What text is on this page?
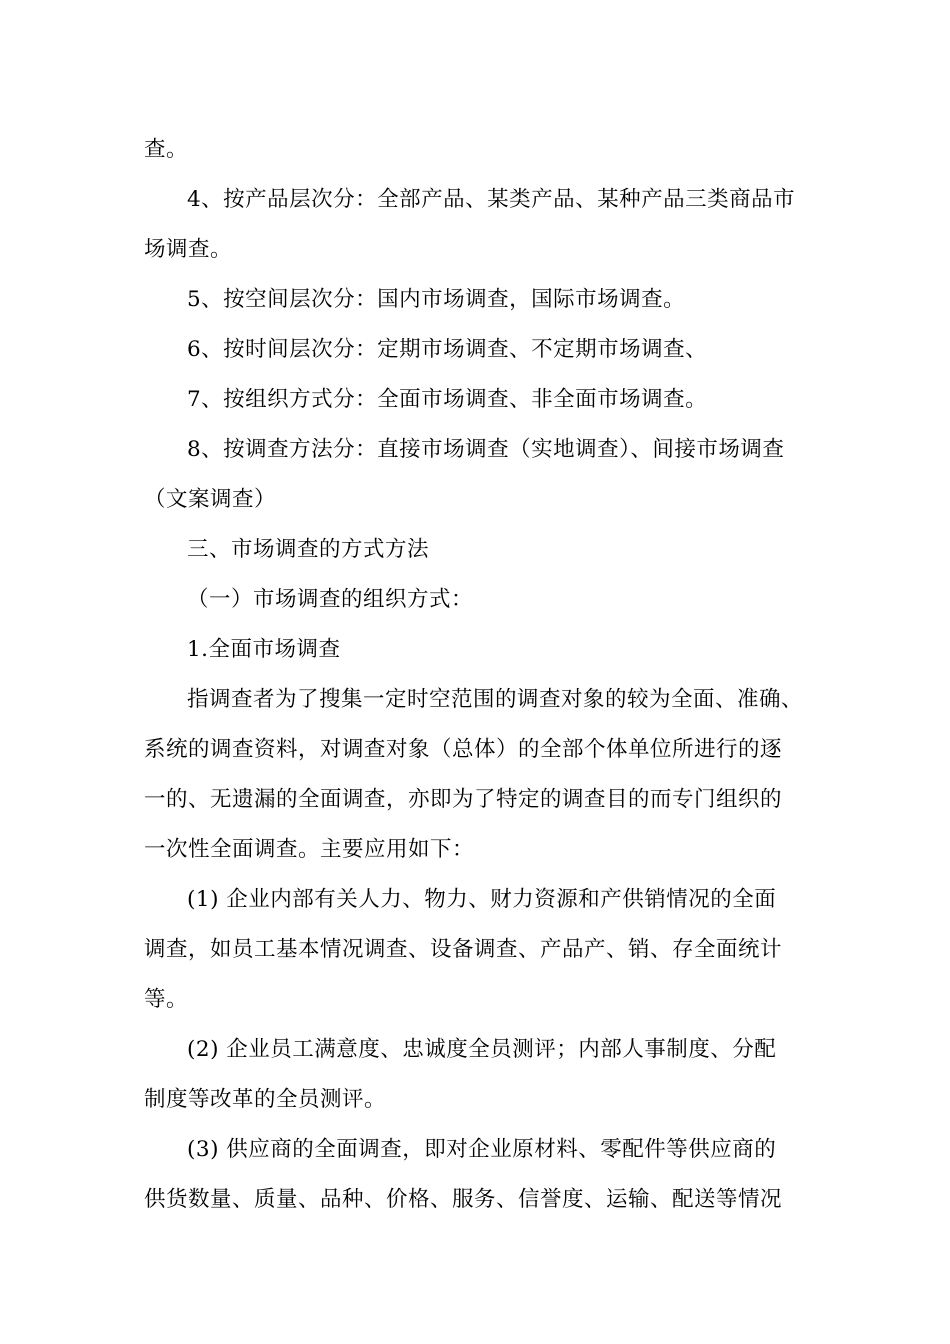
查。
4、按产品层次分：全部产品、某类产品、某种产品三类商品市
场调查。
5、按空间层次分：国内市场调查，国际市场调查。
6、按时间层次分：定期市场调查、不定期市场调查、
7、按组织方式分：全面市场调查、非全面市场调查。
8、按调查方法分：直接市场调查（实地调查）、间接市场调查
（文案调查）
三、市场调查的方式方法
（一）市场调查的组织方式：
1.全面市场调查
指调查者为了搜集一定时空范围的调查对象的较为全面、准确、
系统的调查资料，对调查对象（总体）的全部个体单位所进行的逐
一的、无遗漏的全面调查，亦即为了特定的调查目的而专门组织的
一次性全面调查。主要应用如下：
(1) 企业内部有关人力、物力、财力资源和产供销情况的全面
调查，如员工基本情况调查、设备调查、产品产、销、存全面统计
等。
(2) 企业员工满意度、忠诚度全员测评；内部人事制度、分配
制度等改革的全员测评。
(3) 供应商的全面调查，即对企业原材料、零配件等供应商的
供货数量、质量、品种、价格、服务、信誉度、运输、配送等情况
